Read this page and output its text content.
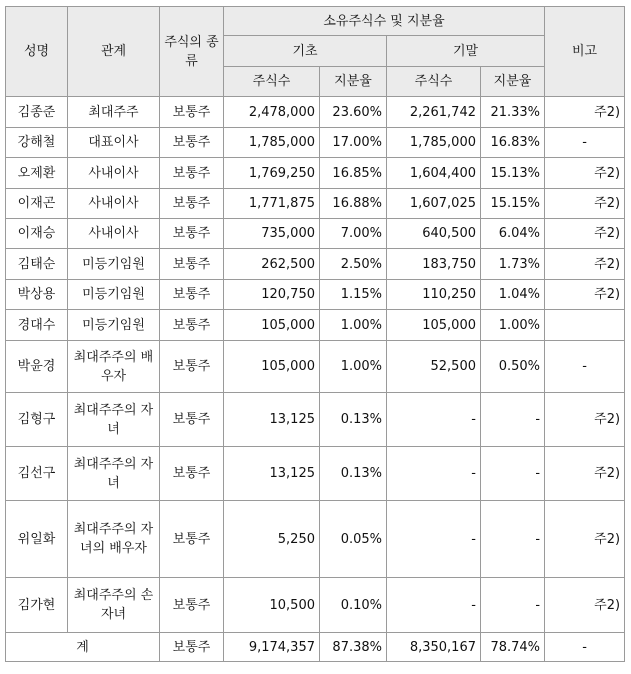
성명	관계	주식의 종류	소유주식수 및 지분율				비고
			기초		기말		
			주식수	지분율	주식수	지분율	
김종준	최대주주	보통주	2,478,000	23.60%	2,261,742	21.33%	주2)
강해철	대표이사	보통주	1,785,000	17.00%	1,785,000	16.83%	-
오제환	사내이사	보통주	1,769,250	16.85%	1,604,400	15.13%	주2)
이재곤	사내이사	보통주	1,771,875	16.88%	1,607,025	15.15%	주2)
이재승	사내이사	보통주	735,000	7.00%	640,500	6.04%	주2)
김태순	미등기임원	보통주	262,500	2.50%	183,750	1.73%	주2)
박상용	미등기임원	보통주	120,750	1.15%	110,250	1.04%	주2)
경대수	미등기임원	보통주	105,000	1.00%	105,000	1.00%	
박윤경	최대주주의 배우자	보통주	105,000	1.00%	52,500	0.50%	-
김형구	최대주주의 자녀	보통주	13,125	0.13%	-	-	주2)
김선구	최대주주의 자녀	보통주	13,125	0.13%	-	-	주2)
위일화	최대주주의 자녀의 배우자	보통주	5,250	0.05%	-	-	주2)
김가현	최대주주의 손자녀	보통주	10,500	0.10%	-	-	주2)
계		보통주	9,174,357	87.38%	8,350,167	78.74%	-
